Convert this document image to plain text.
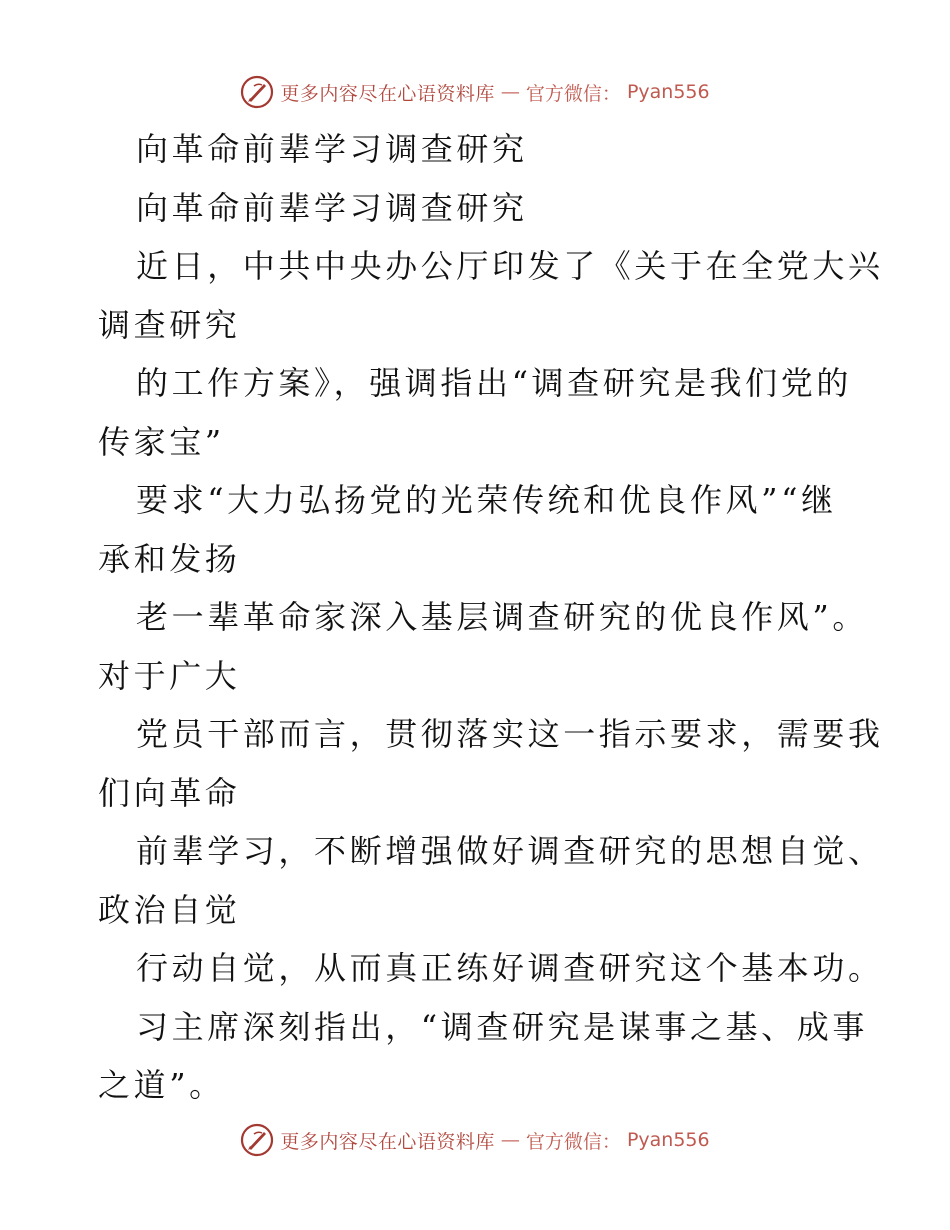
更多内容尽在心语资料库 — 官方微信： Pyan556
向革命前辈学习调查研究
向革命前辈学习调查研究
近日，中共中央办公厅印发了《关于在全党大兴
调查研究
的工作方案》，强调指出“调查研究是我们党的
传家宝”
要求“大力弘扬党的光荣传统和优良作风”“继
承和发扬
老一辈革命家深入基层调查研究的优良作风”。
对于广大
党员干部而言，贯彻落实这一指示要求，需要我
们向革命
前辈学习，不断增强做好调查研究的思想自觉、
政治自觉
行动自觉，从而真正练好调查研究这个基本功。
习主席深刻指出，“调查研究是谋事之基、成事
之道”。
更多内容尽在心语资料库 — 官方微信： Pyan556
